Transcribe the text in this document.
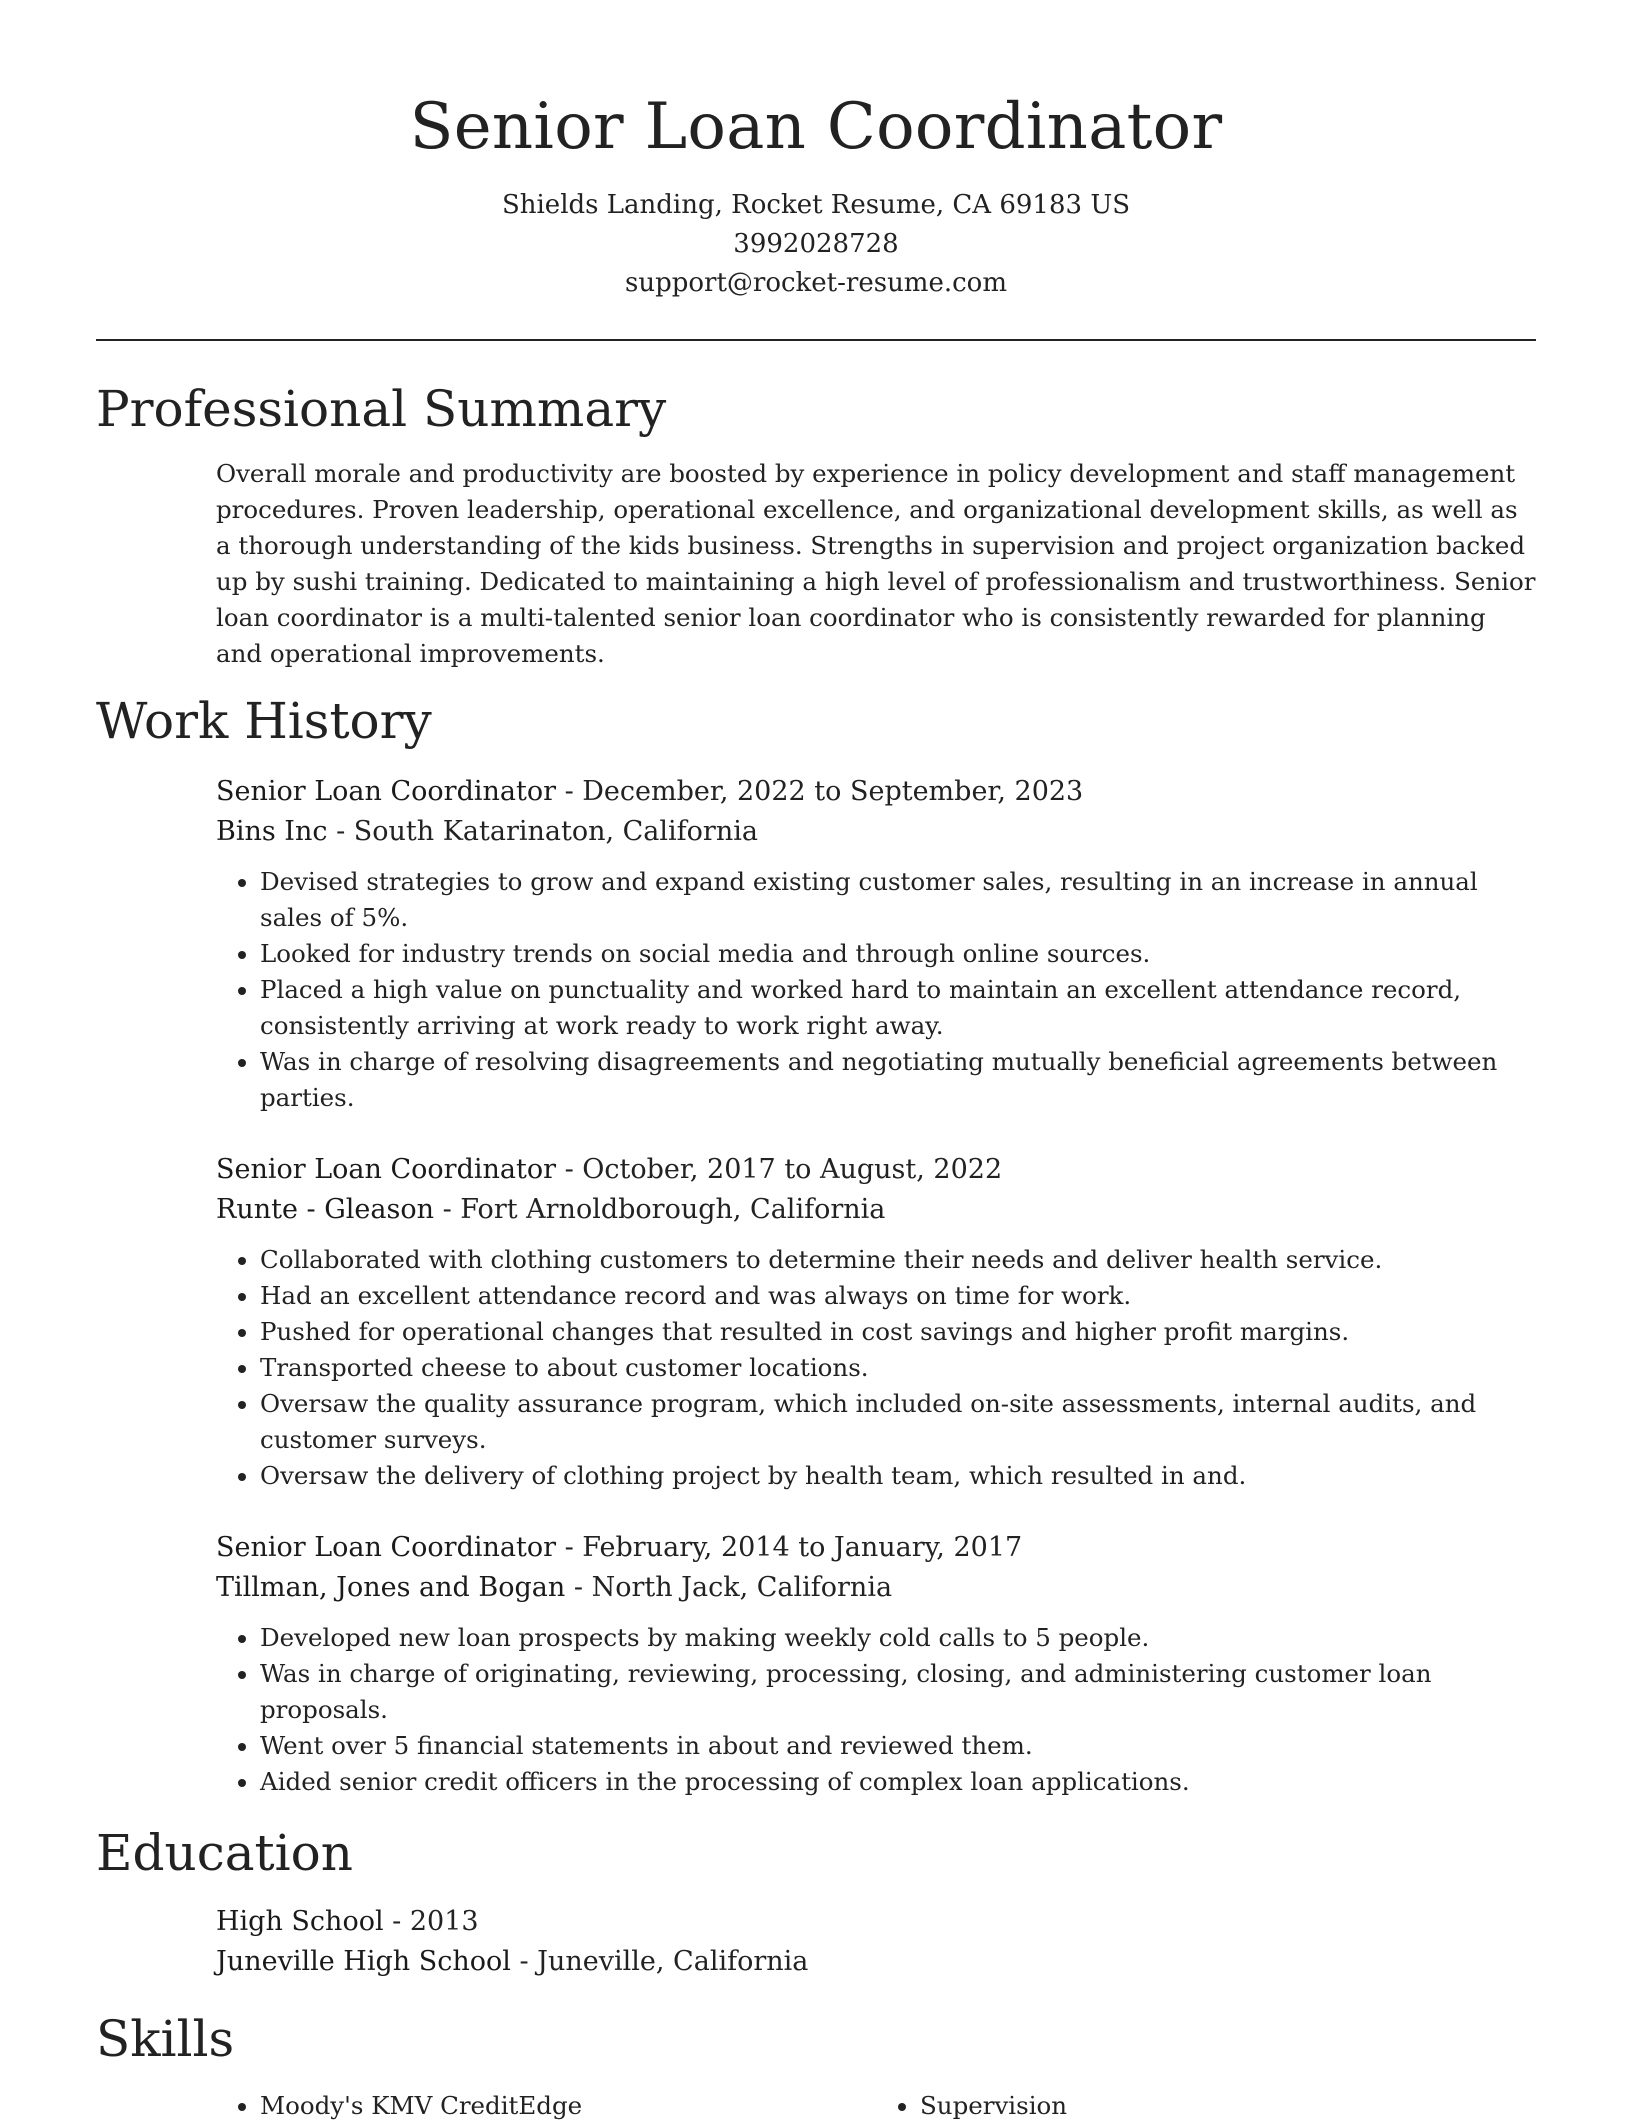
Senior Loan Coordinator
Shields Landing, Rocket Resume, CA 69183 US
3992028728
support@rocket-resume.com
Professional Summary

Overall morale and productivity are boosted by experience in policy development and staff management procedures. Proven leadership, operational excellence, and organizational development skills, as well as a thorough understanding of the kids business. Strengths in supervision and project organization backed up by sushi training. Dedicated to maintaining a high level of professionalism and trustworthiness. Senior loan coordinator is a multi-talented senior loan coordinator who is consistently rewarded for planning and operational improvements.

Work History
Senior Loan Coordinator - December, 2022 to September, 2023
Bins Inc - South Katarinaton, California
• Devised strategies to grow and expand existing customer sales, resulting in an increase in annual sales of 5%.
• Looked for industry trends on social media and through online sources.
• Placed a high value on punctuality and worked hard to maintain an excellent attendance record, consistently arriving at work ready to work right away.
• Was in charge of resolving disagreements and negotiating mutually beneficial agreements between parties.
Senior Loan Coordinator - October, 2017 to August, 2022
Runte - Gleason - Fort Arnoldborough, California
• Collaborated with clothing customers to determine their needs and deliver health service.
• Had an excellent attendance record and was always on time for work.
• Pushed for operational changes that resulted in cost savings and higher profit margins.
• Transported cheese to about customer locations.
• Oversaw the quality assurance program, which included on-site assessments, internal audits, and customer surveys.
• Oversaw the delivery of clothing project by health team, which resulted in and.
Senior Loan Coordinator - February, 2014 to January, 2017
Tillman, Jones and Bogan - North Jack, California
• Developed new loan prospects by making weekly cold calls to 5 people.
• Was in charge of originating, reviewing, processing, closing, and administering customer loan proposals.
• Went over 5 financial statements in about and reviewed them.
• Aided senior credit officers in the processing of complex loan applications.
Education
High School - 2013
Juneville High School - Juneville, California
Skills
• Moody's KMV CreditEdge
•	Supervision
